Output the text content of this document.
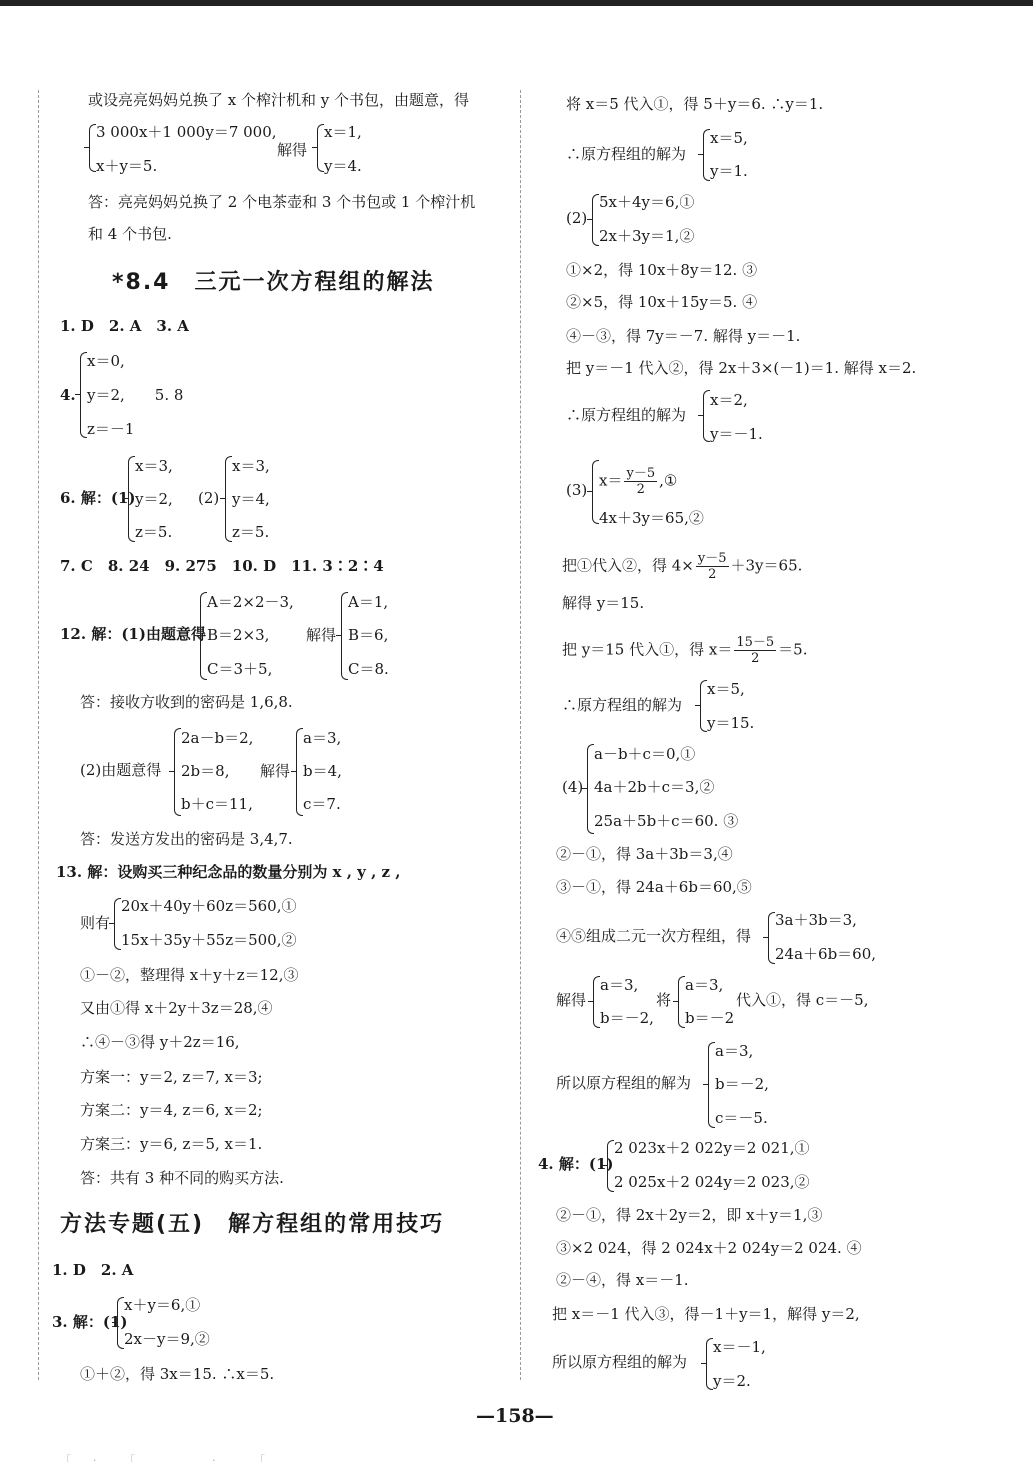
或设亮亮妈妈兑换了 x 个榨汁机和 y 个书包，由题意，得
3 000x＋1 000y＝7 000,
x＋y＝5.
解得
x＝1,
y＝4.
答：亮亮妈妈兑换了 2 个电茶壶和 3 个书包或 1 个榨汁机
和 4 个书包.
*8.4　三元一次方程组的解法
1. D　2. A　3. A
4.
x＝0,
y＝2,　　5. 8
z＝－1
6. 解：(1)
x＝3,
y＝2,
z＝5.
(2)
x＝3,
y＝4,
z＝5.
7. C　8. 24　9. 275　10. D　11. 3∶2∶4
12. 解：(1)由题意得
A＝2×2－3,
B＝2×3,
C＝3＋5,
解得
A＝1,
B＝6,
C＝8.
答：接收方收到的密码是 1,6,8.
(2)由题意得
2a－b＝2,
2b＝8,
b＋c＝11,
解得
a＝3,
b＝4,
c＝7.
答：发送方发出的密码是 3,4,7.
13. 解：设购买三种纪念品的数量分别为 x , y , z ,
则有
20x＋40y＋60z＝560,①
15x＋35y＋55z＝500,②
①－②，整理得 x＋y＋z＝12,③
又由①得 x＋2y＋3z＝28,④
∴④－③得 y＋2z＝16,
方案一：y＝2, z＝7, x＝3;
方案二：y＝4, z＝6, x＝2;
方案三：y＝6, z＝5, x＝1.
答：共有 3 种不同的购买方法.
方法专题(五)　解方程组的常用技巧
1. D　2. A
3. 解：(1)
x＋y＝6,①
2x－y＝9,②
①＋②，得 3x＝15. ∴x＝5.
将 x＝5 代入①，得 5＋y＝6. ∴y＝1.
∴原方程组的解为
x＝5,
y＝1.
(2)
5x＋4y＝6,①
2x＋3y＝1,②
①×2，得 10x＋8y＝12. ③
②×5，得 10x＋15y＝5. ④
④－③，得 7y＝－7. 解得 y＝－1.
把 y＝－1 代入②，得 2x＋3×(－1)＝1. 解得 x＝2.
∴原方程组的解为
x＝2,
y＝－1.
(3)
$x= \frac{y-5}{2}$ ,①
4x＋3y＝65,②
把①代入②，得 $4\times \frac{y-5}{2} +3y=65$.
解得 y＝15.
把 y＝15 代入①，得 $x= \frac{15-5}{2} =5$.
∴原方程组的解为
x＝5,
y＝15.
(4)
a－b＋c＝0,①
4a＋2b＋c＝3,②
25a＋5b＋c＝60. ③
②－①，得 3a＋3b＝3,④
③－①，得 24a＋6b＝60,⑤
④⑤组成二元一次方程组，得
3a＋3b＝3,
24a＋6b＝60,
解得
a＝3,
b＝－2,
将
a＝3,
b＝－2
代入①，得 c＝－5,
所以原方程组的解为
a＝3,
b＝－2,
c＝－5.
4. 解：(1)
2 023x＋2 022y＝2 021,①
2 025x＋2 024y＝2 023,②
②－①，得 2x＋2y＝2，即 x＋y＝1,③
③×2 024，得 2 024x＋2 024y＝2 024. ④
②－④，得 x＝－1.
把 x＝－1 代入③，得－1＋y＝1，解得 y＝2,
所以原方程组的解为
x＝－1,
y＝2.
—158—
「　　·　　　「　　　　　　　·　　　　「
